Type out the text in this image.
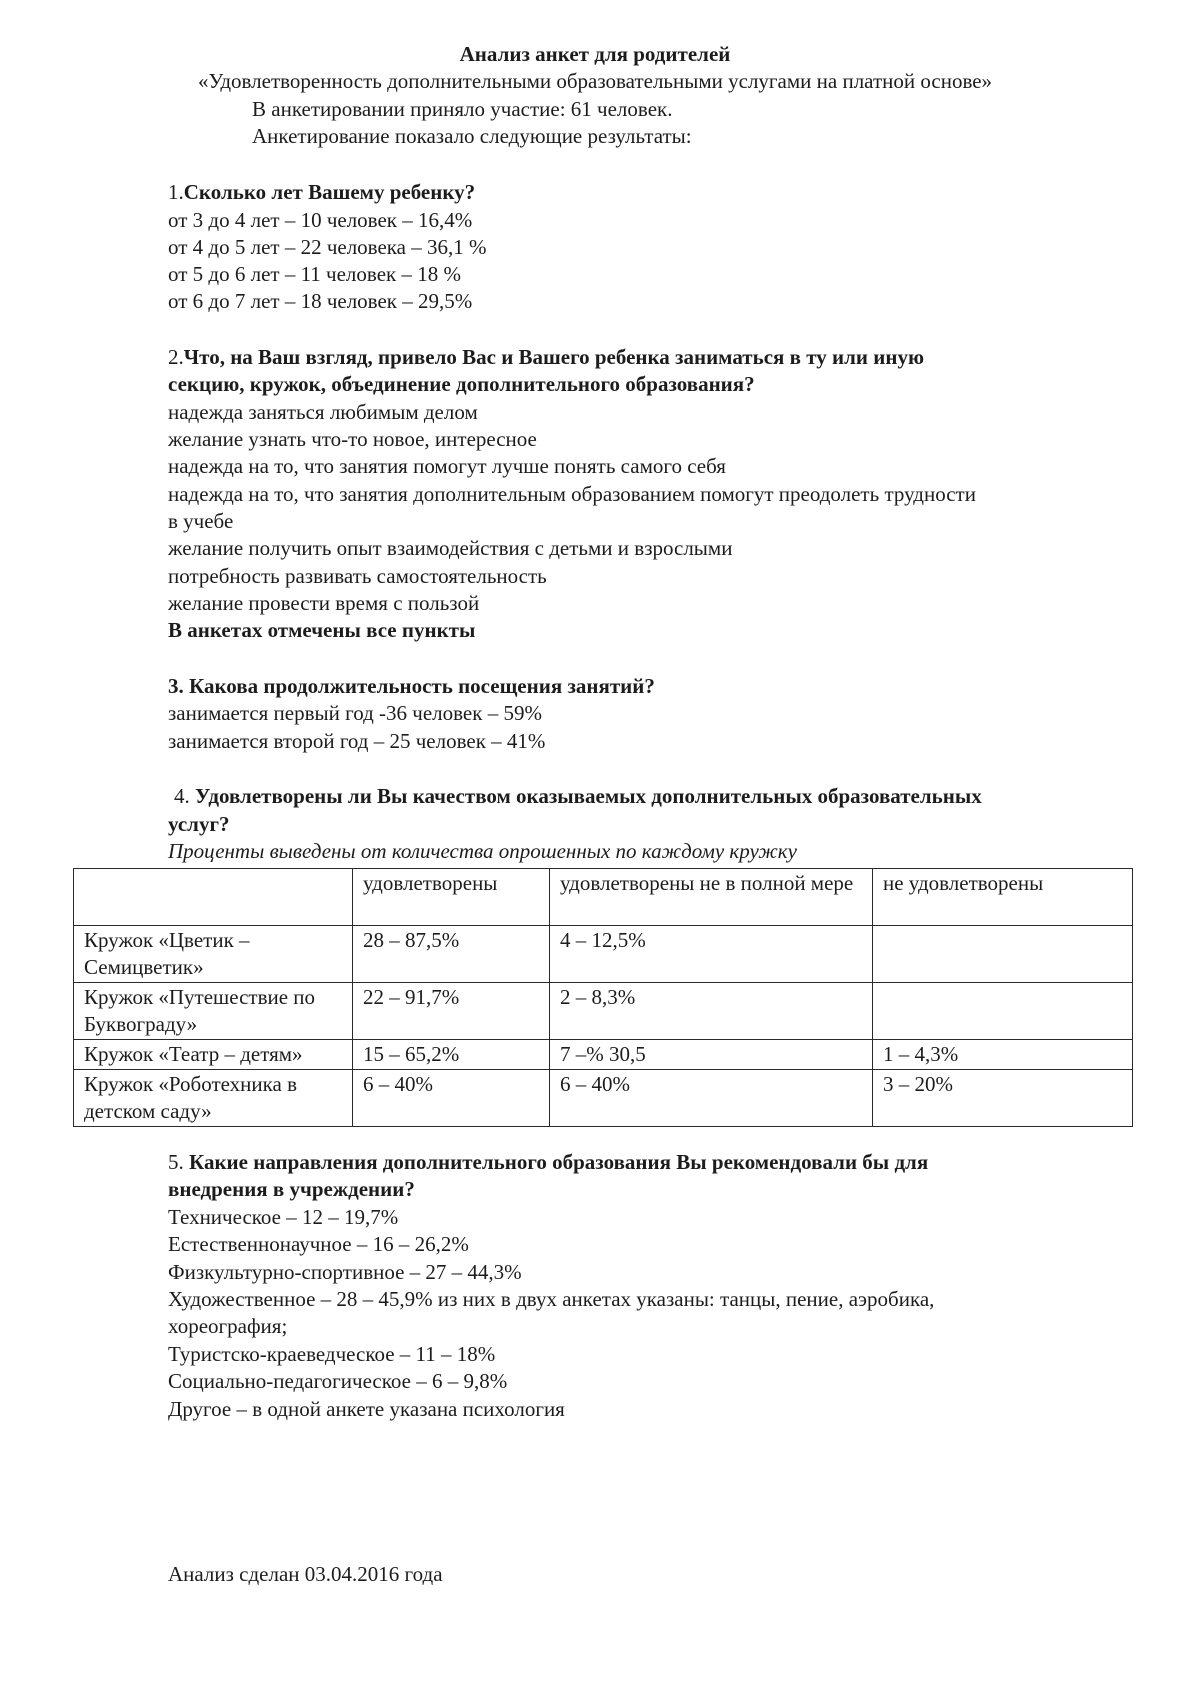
Анализ анкет для родителей
«Удовлетворенность дополнительными образовательными услугами на платной основе»
В анкетировании приняло участие: 61 человек.
Анкетирование показало следующие результаты:
1.Сколько лет Вашему ребенку?
от 3 до 4 лет – 10 человек – 16,4%
от 4 до 5 лет – 22 человека – 36,1 %
от 5 до 6 лет – 11 человек – 18 %
от 6 до 7 лет – 18 человек – 29,5%
2.Что, на Ваш взгляд, привело Вас и Вашего ребенка заниматься в ту или иную
секцию, кружок, объединение дополнительного образования?
надежда заняться любимым делом
желание узнать что-то новое, интересное
надежда на то, что занятия помогут лучше понять самого себя
надежда на то, что занятия дополнительным образованием помогут преодолеть трудности
в учебе
желание получить опыт взаимодействия с детьми и взрослыми
потребность развивать самостоятельность
желание провести время с пользой
В анкетах отмечены все пункты
3. Какова продолжительность посещения занятий?
занимается первый год -36 человек – 59%
занимается второй год – 25 человек – 41%
4. Удовлетворены ли Вы качеством оказываемых дополнительных образовательных
услуг?
Проценты выведены от количества опрошенных по каждому кружку
	удовлетворены	удовлетворены не в полной мере	не удовлетворены
Кружок «Цветик – Семицветик»	28 – 87,5%	4 – 12,5%	
Кружок «Путешествие по Буквограду»	22 – 91,7%	2 – 8,3%	
Кружок «Театр – детям»	15 – 65,2%	7 –% 30,5	1 – 4,3%
Кружок «Роботехника в детском саду»	6 – 40%	6 – 40%	3 – 20%
5. Какие направления дополнительного образования Вы рекомендовали бы для
внедрения в учреждении?
Техническое – 12 – 19,7%
Естественнонаучное – 16 – 26,2%
Физкультурно-спортивное – 27 – 44,3%
Художественное – 28 – 45,9% из них в двух анкетах указаны: танцы, пение, аэробика,
хореография;
Туристско-краеведческое – 11 – 18%
Социально-педагогическое – 6 – 9,8%
Другое – в одной анкете указана психология
Анализ сделан 03.04.2016 года
